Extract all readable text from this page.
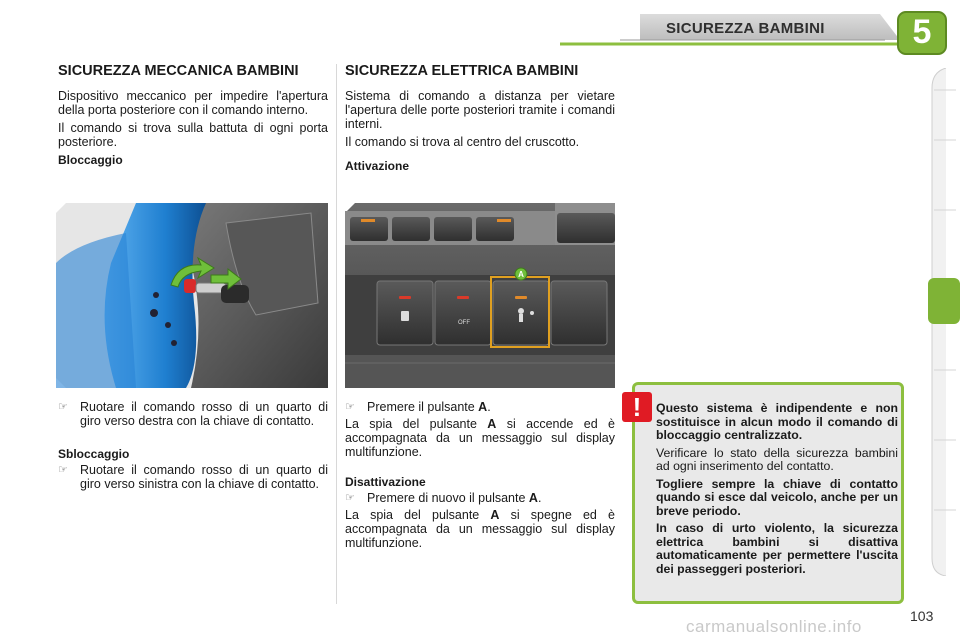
SICUREZZA BAMBINI	5
SICUREZZA MECCANICA BAMBINI

Dispositivo meccanico per impedire l'apertura della porta posteriore con il comando interno.

Il comando si trova sulla battuta di ogni porta posteriore.

Bloccaggio
☞ Ruotare il comando rosso di un quarto di giro verso destra con la chiave di contatto.
Sbloccaggio
☞ Ruotare il comando rosso di un quarto di giro verso sinistra con la chiave di contatto.
SICUREZZA ELETTRICA BAMBINI

Sistema di comando a distanza per vietare l'apertura delle porte posteriori tramite i comandi interni.

Il comando si trova al centro del cruscotto.

Attivazione
A
OFF
☞ Premere il pulsante A.

La spia del pulsante A si accende ed è accompagnata da un messaggio sul display multifunzione.

Disattivazione
☞ Premere di nuovo il pulsante A.

La spia del pulsante A si spegne ed è accompagnata da un messaggio sul display multifunzione.

!	Questo sistema è indipendente e non sostituisce in alcun modo il comando di bloccaggio centralizzato.
Verificare lo stato della sicurezza bambini ad ogni inserimento del contatto.
Togliere sempre la chiave di contatto quando si esce dal veicolo, anche per un breve periodo.
In caso di urto violento, la sicurezza elettrica bambini si disattiva automaticamente per permettere l'uscita dei passeggeri posteriori.
103
carmanualsonline.info
